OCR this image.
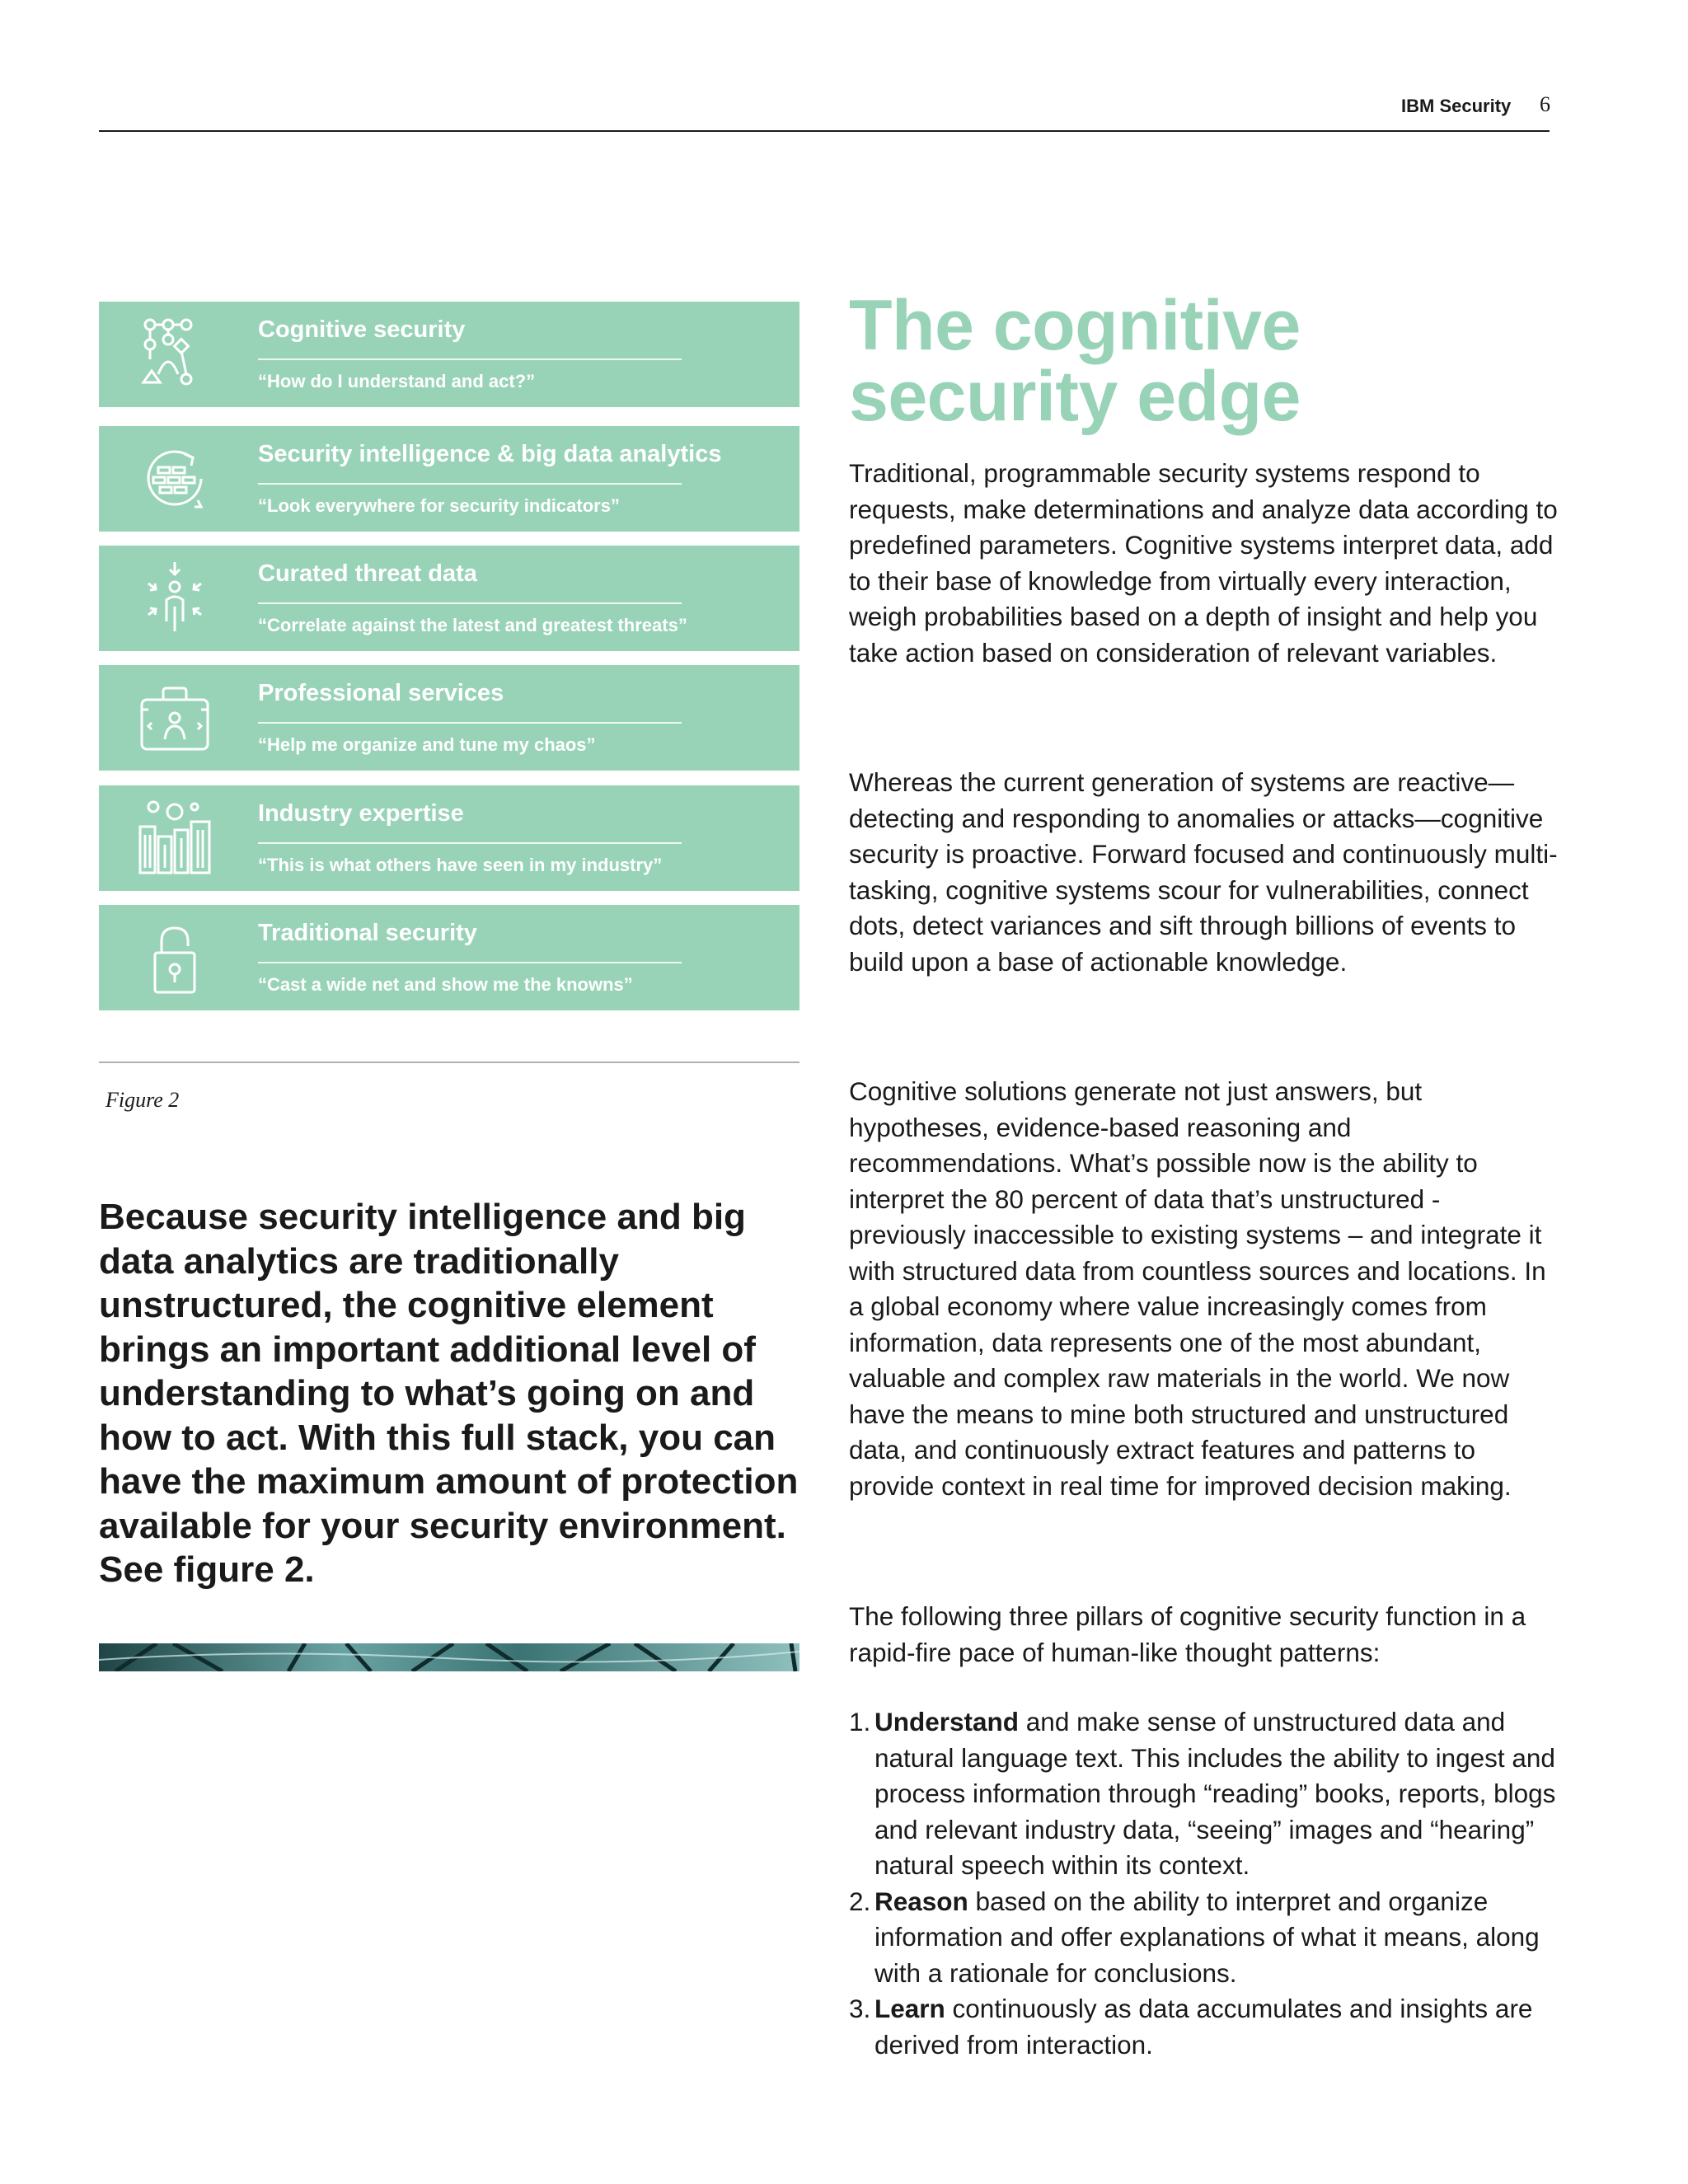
IBM Security	6
Cognitive security
“How do I understand and act?”
Security intelligence & big data analytics
“Look everywhere for security indicators”
Curated threat data
“Correlate against the latest and greatest threats”
Professional services
“Help me organize and tune my chaos”
Industry expertise
“This is what others have seen in my industry”
Traditional security
“Cast a wide net and show me the knowns”
Figure 2
Because security intelligence and big data analytics are traditionally unstructured, the cognitive element brings an important additional level of understanding to what’s going on and how to act. With this full stack, you can have the maximum amount of protection available for your security environment. See figure 2.
The cognitive
security edge

Traditional, programmable security systems respond to requests, make determinations and analyze data according to predefined parameters. Cognitive systems interpret data, add to their base of knowledge from virtually every interaction, weigh probabilities based on a depth of insight and help you take action based on consideration of relevant variables.

Whereas the current generation of systems are reactive—detecting and responding to anomalies or attacks—cognitive security is proactive. Forward focused and continuously multi-tasking, cognitive systems scour for vulnerabilities, connect dots, detect variances and sift through billions of events to build upon a base of actionable knowledge.

Cognitive solutions generate not just answers, but hypotheses, evidence-based reasoning and recommendations. What’s possible now is the ability to interpret the 80 percent of data that’s unstructured - previously inaccessible to existing systems – and integrate it with structured data from countless sources and locations. In a global economy where value increasingly comes from information, data represents one of the most abundant, valuable and complex raw materials in the world. We now have the means to mine both structured and unstructured data, and continuously extract features and patterns to provide context in real time for improved decision making.

The following three pillars of cognitive security function in a rapid-fire pace of human-like thought patterns:

1. Understand and make sense of unstructured data and natural language text. This includes the ability to ingest and process information through “reading” books, reports, blogs and relevant industry data, “seeing” images and “hearing” natural speech within its context.
2. Reason based on the ability to interpret and organize information and offer explanations of what it means, along with a rationale for conclusions.
3. Learn continuously as data accumulates and insights are derived from interaction.
